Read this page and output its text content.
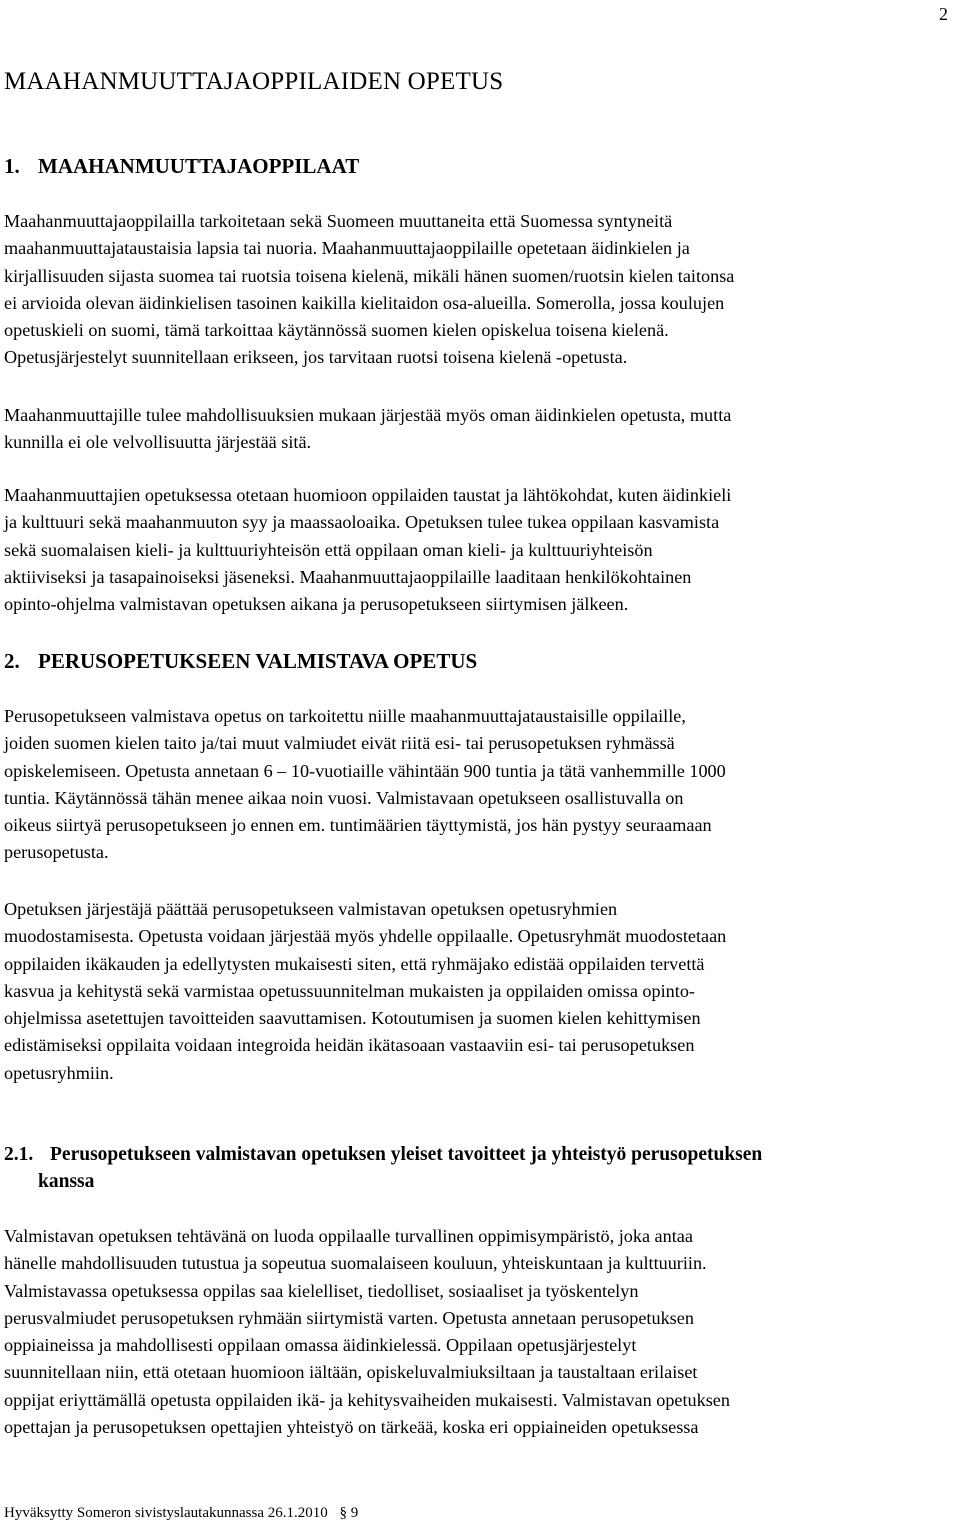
2
MAAHANMUUTTAJAOPPILAIDEN OPETUS
1. MAAHANMUUTTAJAOPPILAAT
Maahanmuuttajaoppilailla tarkoitetaan sekä Suomeen muuttaneita että Suomessa syntyneitä
maahanmuuttajataustaisia lapsia tai nuoria. Maahanmuuttajaoppilaille opetetaan äidinkielen ja
kirjallisuuden sijasta suomea tai ruotsia toisena kielenä, mikäli hänen suomen/ruotsin kielen taitonsa
ei arvioida olevan äidinkielisen tasoinen kaikilla kielitaidon osa-alueilla. Somerolla, jossa koulujen
opetuskieli on suomi, tämä tarkoittaa käytännössä suomen kielen opiskelua toisena kielenä.
Opetusjärjestelyt suunnitellaan erikseen, jos tarvitaan ruotsi toisena kielenä -opetusta.
Maahanmuuttajille tulee mahdollisuuksien mukaan järjestää myös oman äidinkielen opetusta, mutta
kunnilla ei ole velvollisuutta järjestää sitä.
Maahanmuuttajien opetuksessa otetaan huomioon oppilaiden taustat ja lähtökohdat, kuten äidinkieli
ja kulttuuri sekä maahanmuuton syy ja maassaoloaika. Opetuksen tulee tukea oppilaan kasvamista
sekä suomalaisen kieli- ja kulttuuriyhteisön että oppilaan oman kieli- ja kulttuuriyhteisön
aktiiviseksi ja tasapainoiseksi jäseneksi. Maahanmuuttajaoppilaille laaditaan henkilökohtainen
opinto-ohjelma valmistavan opetuksen aikana ja perusopetukseen siirtymisen jälkeen.
2. PERUSOPETUKSEEN VALMISTAVA OPETUS
Perusopetukseen valmistava opetus on tarkoitettu niille maahanmuuttajataustaisille oppilaille,
joiden suomen kielen taito ja/tai muut valmiudet eivät riitä esi- tai perusopetuksen ryhmässä
opiskelemiseen. Opetusta annetaan 6 – 10-vuotiaille vähintään 900 tuntia ja tätä vanhemmille 1000
tuntia. Käytännössä tähän menee aikaa noin vuosi. Valmistavaan opetukseen osallistuvalla on
oikeus siirtyä perusopetukseen jo ennen em. tuntimäärien täyttymistä, jos hän pystyy seuraamaan
perusopetusta.
Opetuksen järjestäjä päättää perusopetukseen valmistavan opetuksen opetusryhmien
muodostamisesta. Opetusta voidaan järjestää myös yhdelle oppilaalle. Opetusryhmät muodostetaan
oppilaiden ikäkauden ja edellytysten mukaisesti siten, että ryhmäjako edistää oppilaiden tervettä
kasvua ja kehitystä sekä varmistaa opetussuunnitelman mukaisten ja oppilaiden omissa opinto-
ohjelmissa asetettujen tavoitteiden saavuttamisen. Kotoutumisen ja suomen kielen kehittymisen
edistämiseksi oppilaita voidaan integroida heidän ikätasoaan vastaaviin esi- tai perusopetuksen
opetusryhmiin.
2.1. Perusopetukseen valmistavan opetuksen yleiset tavoitteet ja yhteistyö perusopetuksen
kanssa
Valmistavan opetuksen tehtävänä on luoda oppilaalle turvallinen oppimisympäristö, joka antaa
hänelle mahdollisuuden tutustua ja sopeutua suomalaiseen kouluun, yhteiskuntaan ja kulttuuriin.
Valmistavassa opetuksessa oppilas saa kielelliset, tiedolliset, sosiaaliset ja työskentelyn
perusvalmiudet perusopetuksen ryhmään siirtymistä varten. Opetusta annetaan perusopetuksen
oppiaineissa ja mahdollisesti oppilaan omassa äidinkielessä. Oppilaan opetusjärjestelyt
suunnitellaan niin, että otetaan huomioon iältään, opiskeluvalmiuksiltaan ja taustaltaan erilaiset
oppijat eriyttämällä opetusta oppilaiden ikä- ja kehitysvaiheiden mukaisesti. Valmistavan opetuksen
opettajan ja perusopetuksen opettajien yhteistyö on tärkeää, koska eri oppiaineiden opetuksessa
Hyväksytty Someron sivistyslautakunnassa 26.1.2010 § 9
